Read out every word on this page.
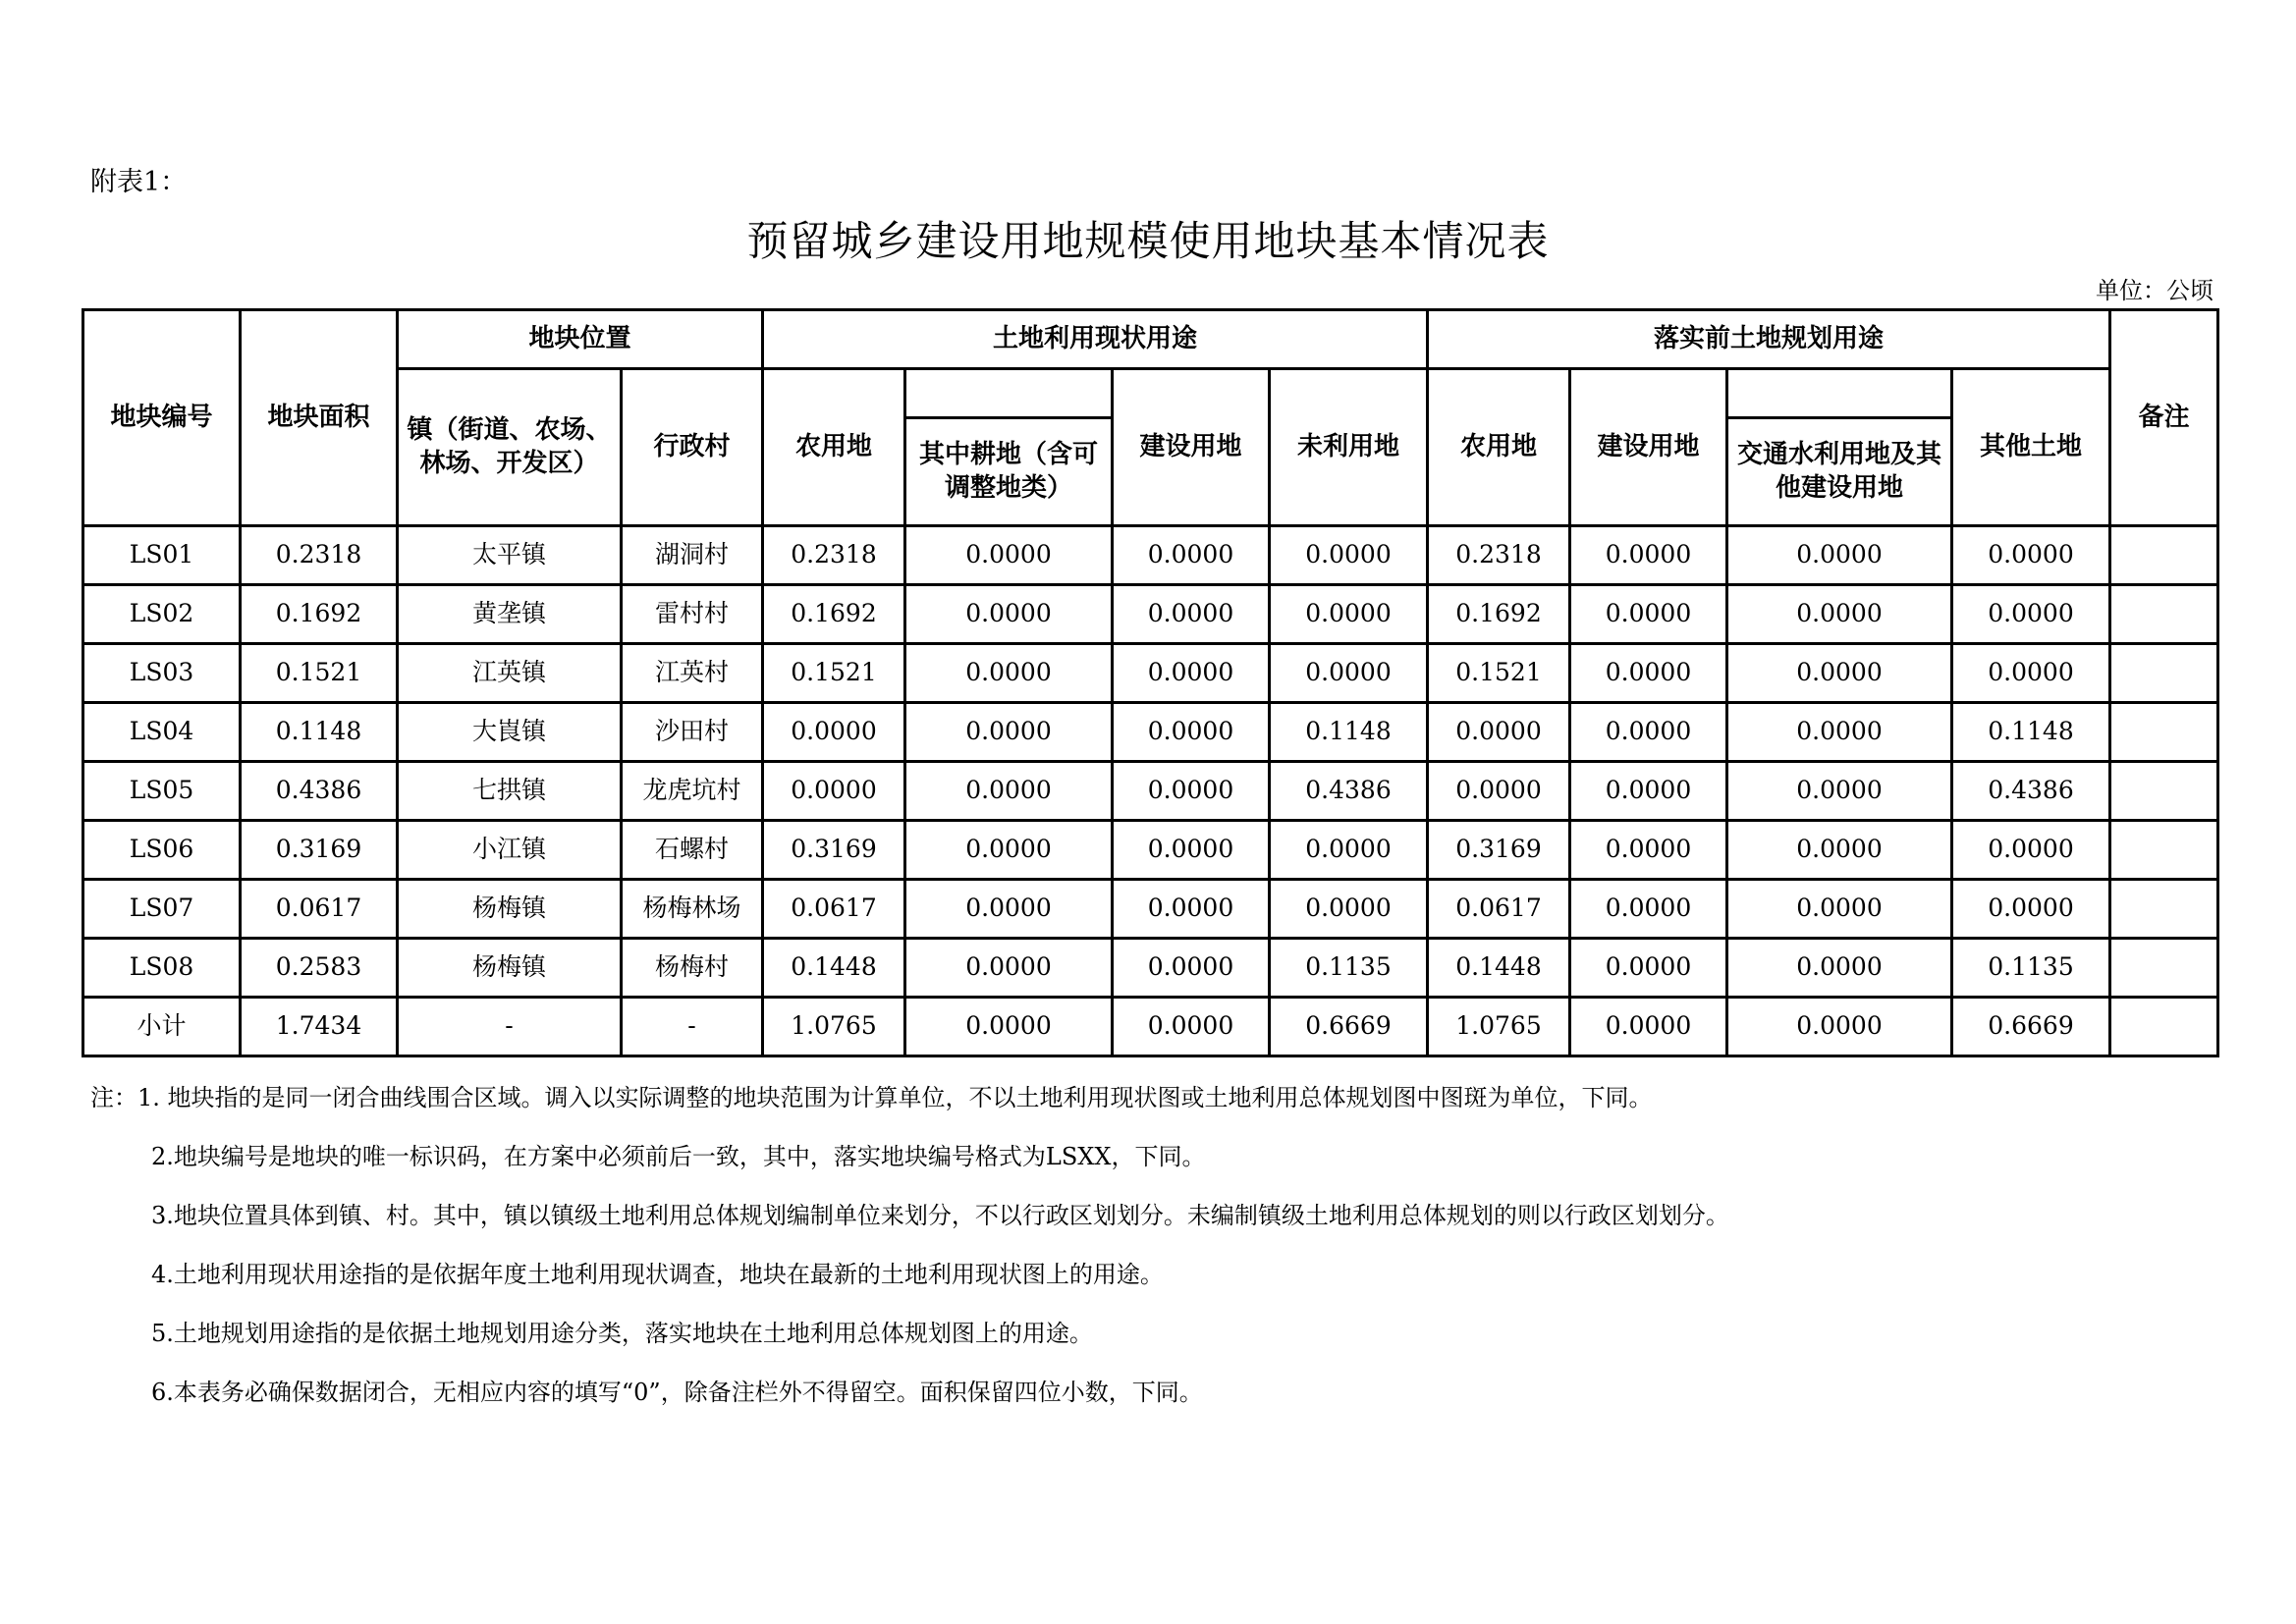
附表1：
预留城乡建设用地规模使用地块基本情况表
单位：公顷
地块编号	地块面积	地块位置		土地利用现状用途				落实前土地规划用途				备注
		镇（街道、农场、林场、开发区）	行政村	农用地		建设用地	未利用地	农用地	建设用地		其他土地	
					其中耕地（含可调整地类）					交通水利用地及其他建设用地		
LS01	0.2318	太平镇	湖洞村	0.2318	0.0000	0.0000	0.0000	0.2318	0.0000	0.0000	0.0000	
LS02	0.1692	黄垄镇	雷村村	0.1692	0.0000	0.0000	0.0000	0.1692	0.0000	0.0000	0.0000	
LS03	0.1521	江英镇	江英村	0.1521	0.0000	0.0000	0.0000	0.1521	0.0000	0.0000	0.0000	
LS04	0.1148	大崀镇	沙田村	0.0000	0.0000	0.0000	0.1148	0.0000	0.0000	0.0000	0.1148	
LS05	0.4386	七拱镇	龙虎坑村	0.0000	0.0000	0.0000	0.4386	0.0000	0.0000	0.0000	0.4386	
LS06	0.3169	小江镇	石螺村	0.3169	0.0000	0.0000	0.0000	0.3169	0.0000	0.0000	0.0000	
LS07	0.0617	杨梅镇	杨梅林场	0.0617	0.0000	0.0000	0.0000	0.0617	0.0000	0.0000	0.0000	
LS08	0.2583	杨梅镇	杨梅村	0.1448	0.0000	0.0000	0.1135	0.1448	0.0000	0.0000	0.1135	
小计	1.7434	-	-	1.0765	0.0000	0.0000	0.6669	1.0765	0.0000	0.0000	0.6669	
注：1. 地块指的是同一闭合曲线围合区域。调入以实际调整的地块范围为计算单位，不以土地利用现状图或土地利用总体规划图中图斑为单位，下同。
2.地块编号是地块的唯一标识码，在方案中必须前后一致，其中，落实地块编号格式为LSXX，下同。
3.地块位置具体到镇、村。其中，镇以镇级土地利用总体规划编制单位来划分，不以行政区划划分。未编制镇级土地利用总体规划的则以行政区划划分。
4.土地利用现状用途指的是依据年度土地利用现状调查，地块在最新的土地利用现状图上的用途。
5.土地规划用途指的是依据土地规划用途分类，落实地块在土地利用总体规划图上的用途。
6.本表务必确保数据闭合，无相应内容的填写“0”，除备注栏外不得留空。面积保留四位小数，下同。
